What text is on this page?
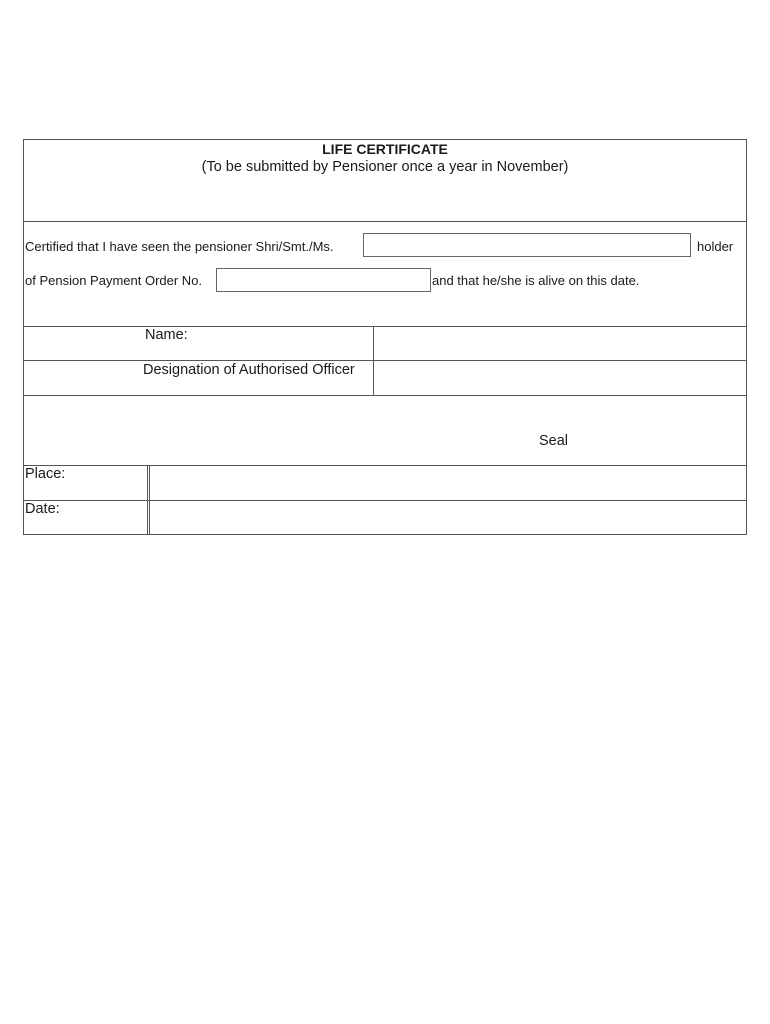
LIFE CERTIFICATE
(To be submitted by Pensioner once a year in November)
Certified that I have seen the pensioner Shri/Smt./Ms.	holder
of Pension Payment Order No.	and that he/she is alive on this date.
Name:
Designation of Authorised Officer
Seal
Place:
Date:
